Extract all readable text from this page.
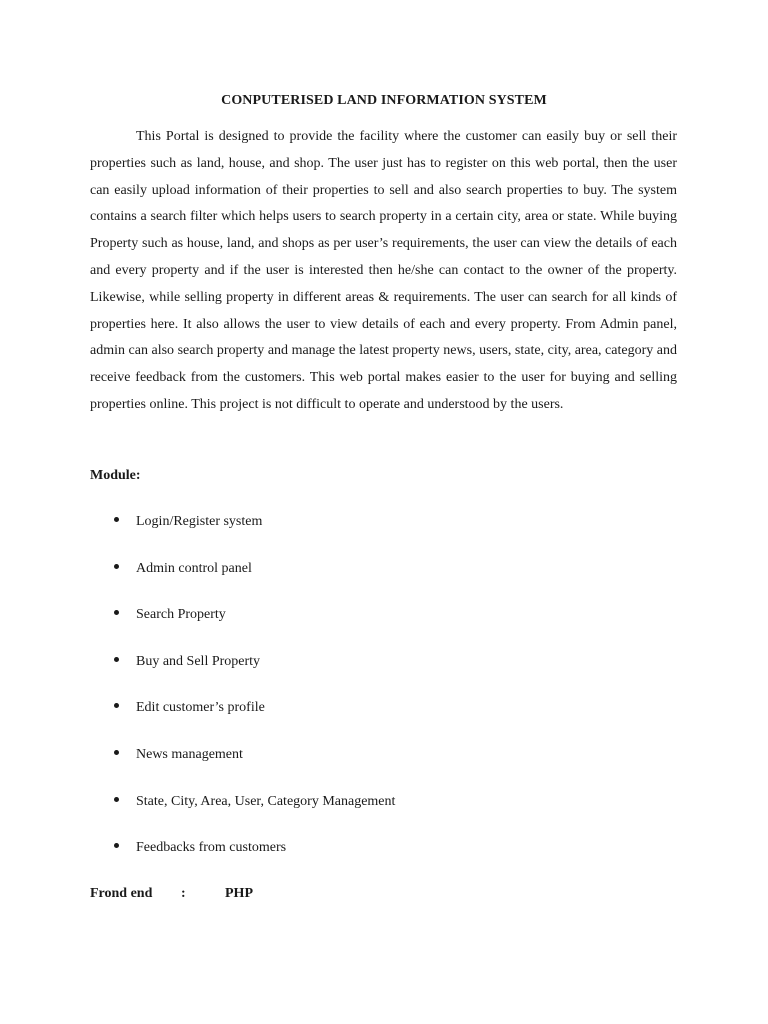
CONPUTERISED LAND INFORMATION SYSTEM

This Portal is designed to provide the facility where the customer can easily buy or sell their properties such as land, house, and shop. The user just has to register on this web portal, then the user can easily upload information of their properties to sell and also search properties to buy. The system contains a search filter which helps users to search property in a certain city, area or state. While buying Property such as house, land, and shops as per user’s requirements, the user can view the details of each and every property and if the user is interested then he/she can contact to the owner of the property. Likewise, while selling property in different areas & requirements. The user can search for all kinds of properties here. It also allows the user to view details of each and every property. From Admin panel, admin can also search property and manage the latest property news, users, state, city, area, category and receive feedback from the customers. This web portal makes easier to the user for buying and selling properties online. This project is not difficult to operate and understood by the users.

Module:
Login/Register system
Admin control panel
Search Property
Buy and Sell Property
Edit customer’s profile
News management
State, City, Area, User, Category Management
Feedbacks from customers
Frond end :	PHP
